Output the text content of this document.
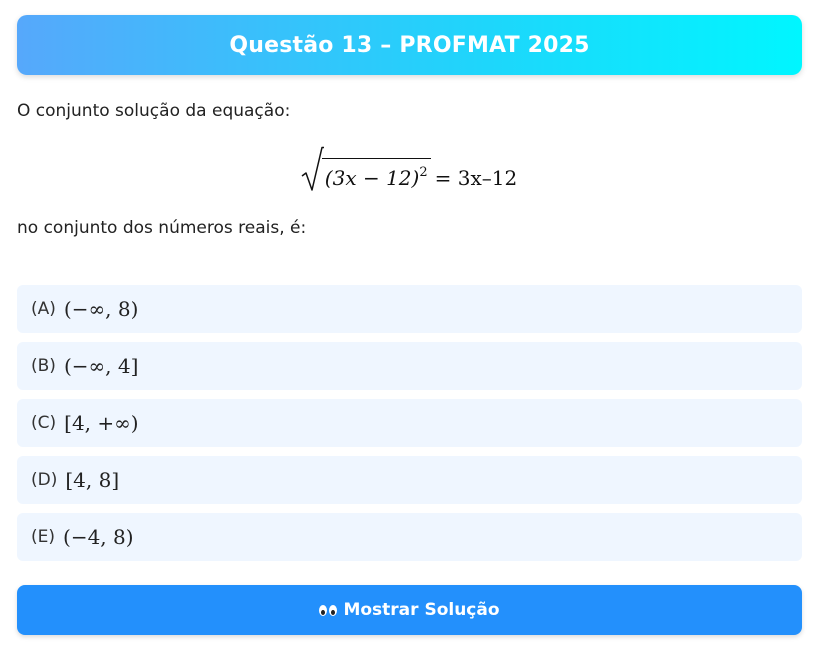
Questão 13 – PROFMAT 2025
O conjunto solução da equação:
$(3x - 12)^2 = 3x-12$
no conjunto dos números reais, é:
(A) (−∞, 8)
(B) (−∞, 4]
(C) [4, +∞)
(D) [4, 8]
(E) (−4, 8)
Mostrar Solução
